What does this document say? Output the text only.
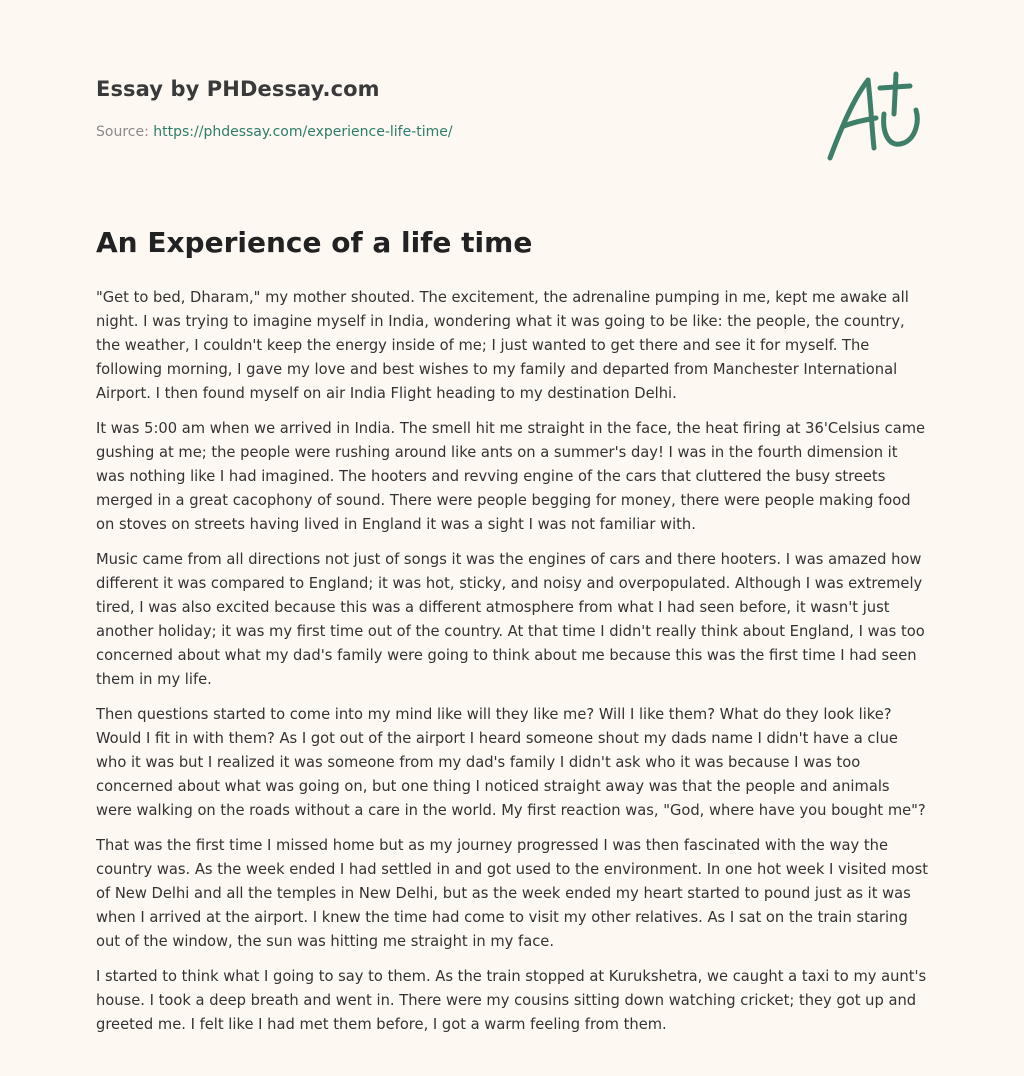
Essay by PHDessay.com
Source: https://phdessay.com/experience-life-time/
An Experience of a life time

"Get to bed, Dharam," my mother shouted. The excitement, the adrenaline pumping in me, kept me awake all night. I was trying to imagine myself in India, wondering what it was going to be like: the people, the country, the weather, I couldn't keep the energy inside of me; I just wanted to get there and see it for myself. The following morning, I gave my love and best wishes to my family and departed from Manchester International Airport. I then found myself on air India Flight heading to my destination Delhi.

It was 5:00 am when we arrived in India. The smell hit me straight in the face, the heat firing at 36'Celsius came gushing at me; the people were rushing around like ants on a summer's day! I was in the fourth dimension it was nothing like I had imagined. The hooters and revving engine of the cars that cluttered the busy streets merged in a great cacophony of sound. There were people begging for money, there were people making food on stoves on streets having lived in England it was a sight I was not familiar with.

Music came from all directions not just of songs it was the engines of cars and there hooters. I was amazed how different it was compared to England; it was hot, sticky, and noisy and overpopulated. Although I was extremely tired, I was also excited because this was a different atmosphere from what I had seen before, it wasn't just another holiday; it was my first time out of the country. At that time I didn't really think about England, I was too concerned about what my dad's family were going to think about me because this was the first time I had seen them in my life.

Then questions started to come into my mind like will they like me? Will I like them? What do they look like? Would I fit in with them? As I got out of the airport I heard someone shout my dads name I didn't have a clue who it was but I realized it was someone from my dad's family I didn't ask who it was because I was too concerned about what was going on, but one thing I noticed straight away was that the people and animals were walking on the roads without a care in the world. My first reaction was, "God, where have you bought me"?

That was the first time I missed home but as my journey progressed I was then fascinated with the way the country was. As the week ended I had settled in and got used to the environment. In one hot week I visited most of New Delhi and all the temples in New Delhi, but as the week ended my heart started to pound just as it was when I arrived at the airport. I knew the time had come to visit my other relatives. As I sat on the train staring out of the window, the sun was hitting me straight in my face.

I started to think what I going to say to them. As the train stopped at Kurukshetra, we caught a taxi to my aunt's house. I took a deep breath and went in. There were my cousins sitting down watching cricket; they got up and greeted me. I felt like I had met them before, I got a warm feeling from them.
